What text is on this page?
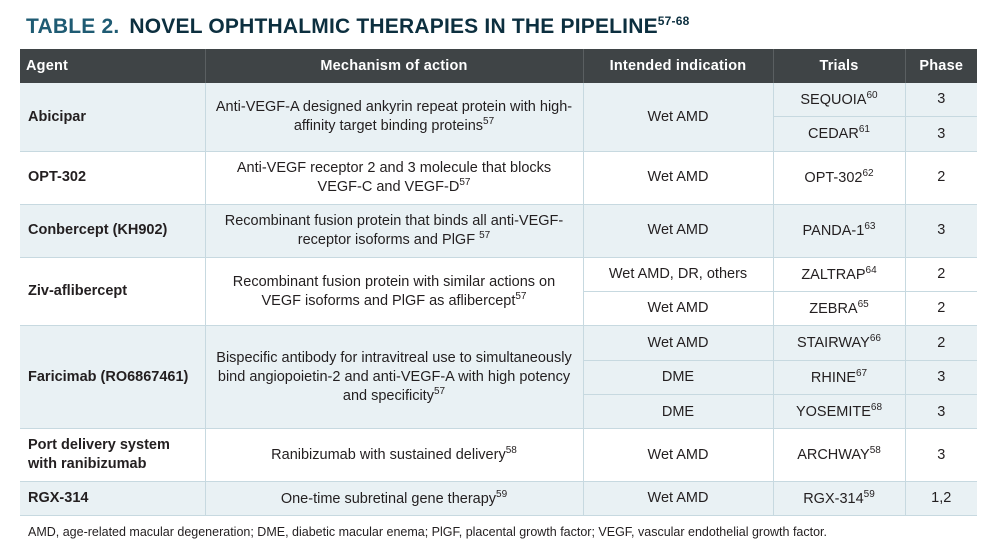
TABLE 2. NOVEL OPHTHALMIC THERAPIES IN THE PIPELINE$^{57-68}$
Agent	Mechanism of action	Intended indication	Trials	Phase
Abicipar	Anti-VEGF-A designed ankyrin repeat protein with high-affinity target binding proteins$^{57}$	Wet AMD	SEQUOIA$^{60}$	3
			CEDAR$^{61}$	3
OPT-302	Anti-VEGF receptor 2 and 3 molecule that blocks VEGF-C and VEGF-$D^{57}$	Wet AMD	OPT-$302^{62}$	2
Conbercept (KH902)	Recombinant fusion protein that binds all anti-VEGF-receptor isoforms and PlGF $^{57}$	Wet AMD	PANDA-$1^{63}$	3
Ziv-aflibercept	Recombinant fusion protein with similar actions on VEGF isoforms and PlGF as aflibercept$^{57}$	Wet AMD, DR, others	ZALTRAP$^{64}$	2
		Wet AMD	ZEBRA$^{65}$	2
Faricimab (RO6867461)	Bispecific antibody for intravitreal use to simultaneously bind angiopoietin-2 and anti-VEGF-A with high potency and specificity$^{57}$	Wet AMD	STAIRWAY$^{66}$	2
		DME	RHINE$^{67}$	3
		DME	YOSEMITE$^{68}$	3
Port delivery system with ranibizumab	Ranibizumab with sustained delivery$^{58}$	Wet AMD	ARCHWAY$^{58}$	3
RGX-314	One-time subretinal gene therapy$^{59}$	Wet AMD	RGX-$314^{59}$	1,2
AMD, age-related macular degeneration; DME, diabetic macular enema; PlGF, placental growth factor; VEGF, vascular endothelial growth factor.
